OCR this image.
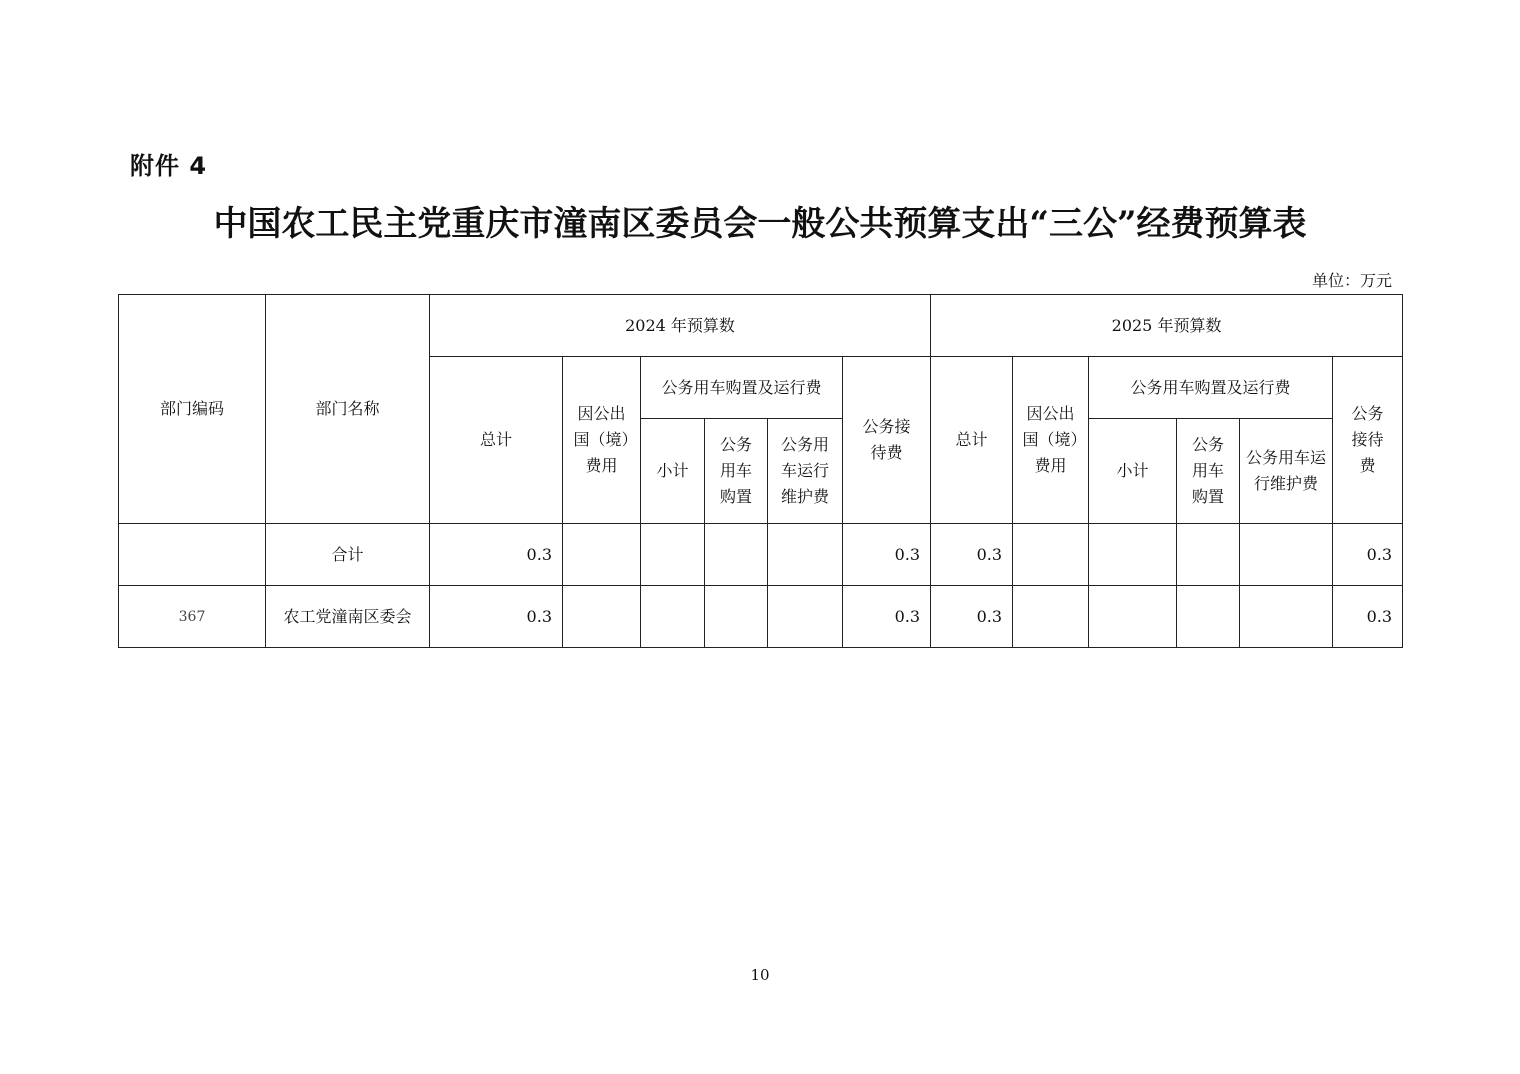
附件 4
中国农工民主党重庆市潼南区委员会一般公共预算支出“三公”经费预算表
单位：万元
部门编码	部门名称	2024 年预算数						2025 年预算数					
		总计	因公出国（境）费用	公务用车购置及运行费			公务接待费	总计	因公出国（境）费用	公务用车购置及运行费			公务接待费
				小计	公务用车购置	公务用车运行维护费				小计	公务用车购置	公务用车运行维护费	
	合计	0.3					0.3	0.3					0.3
367	农工党潼南区委会	0.3					0.3	0.3					0.3
10
